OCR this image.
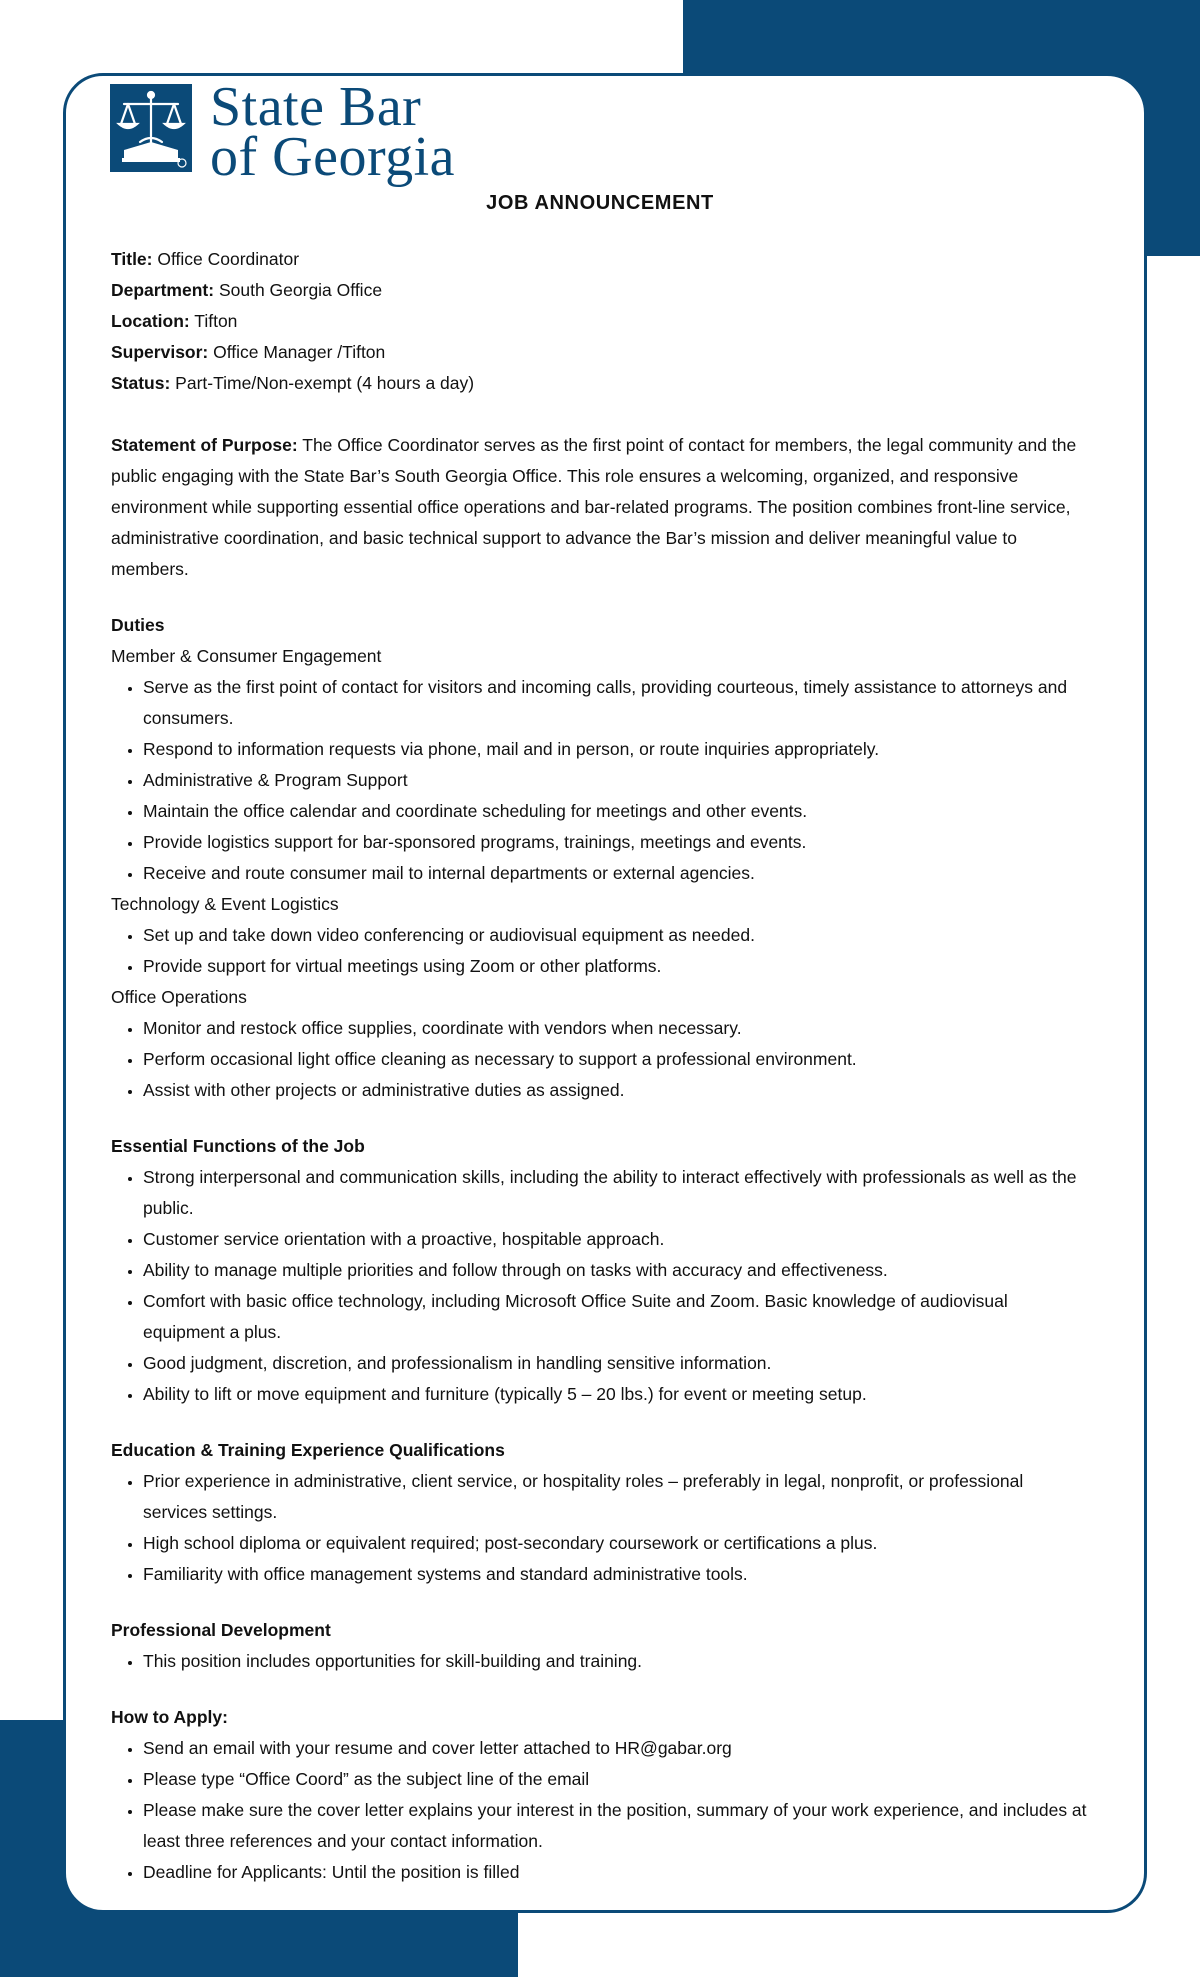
State Bar
of Georgia
JOB ANNOUNCEMENT

Title: Office Coordinator

Department: South Georgia Office

Location: Tifton

Supervisor: Office Manager /Tifton

Status: Part-Time/Non-exempt (4 hours a day)

Statement of Purpose: The Office Coordinator serves as the first point of contact for members, the legal community and the public engaging with the State Bar’s South Georgia Office. This role ensures a welcoming, organized, and responsive environment while supporting essential office operations and bar-related programs. The position combines front-line service, administrative coordination, and basic technical support to advance the Bar’s mission and deliver meaningful value to members.

Duties

Member & Consumer Engagement

• Serve as the first point of contact for visitors and incoming calls, providing courteous, timely assistance to attorneys and consumers.
• Respond to information requests via phone, mail and in person, or route inquiries appropriately.
• Administrative & Program Support
• Maintain the office calendar and coordinate scheduling for meetings and other events.
• Provide logistics support for bar-sponsored programs, trainings, meetings and events.
• Receive and route consumer mail to internal departments or external agencies.

Technology & Event Logistics

• Set up and take down video conferencing or audiovisual equipment as needed.
• Provide support for virtual meetings using Zoom or other platforms.

Office Operations

• Monitor and restock office supplies, coordinate with vendors when necessary.
• Perform occasional light office cleaning as necessary to support a professional environment.
• Assist with other projects or administrative duties as assigned.

Essential Functions of the Job

• Strong interpersonal and communication skills, including the ability to interact effectively with professionals as well as the public.
• Customer service orientation with a proactive, hospitable approach.
• Ability to manage multiple priorities and follow through on tasks with accuracy and effectiveness.
• Comfort with basic office technology, including Microsoft Office Suite and Zoom. Basic knowledge of audiovisual equipment a plus.
• Good judgment, discretion, and professionalism in handling sensitive information.
• Ability to lift or move equipment and furniture (typically 5 – 20 lbs.) for event or meeting setup.

Education & Training Experience Qualifications

• Prior experience in administrative, client service, or hospitality roles – preferably in legal, nonprofit, or professional services settings.
• High school diploma or equivalent required; post-secondary coursework or certifications a plus.
• Familiarity with office management systems and standard administrative tools.

Professional Development

• This position includes opportunities for skill-building and training.

How to Apply:

• Send an email with your resume and cover letter attached to HR@gabar.org
• Please type “Office Coord” as the subject line of the email
• Please make sure the cover letter explains your interest in the position, summary of your work experience, and includes at least three references and your contact information.
• Deadline for Applicants: Until the position is filled
